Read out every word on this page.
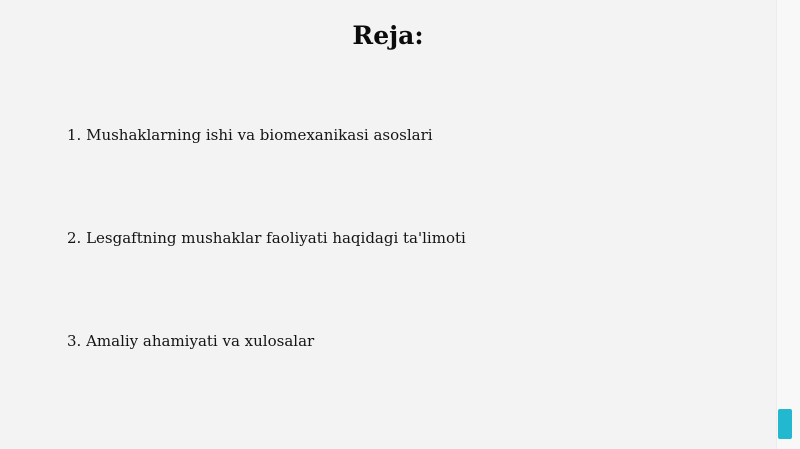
Reja:
1. Mushaklarning ishi va biomexanikasi asoslari
2. Lesgaftning mushaklar faoliyati haqidagi ta'limoti
3. Amaliy ahamiyati va xulosalar
